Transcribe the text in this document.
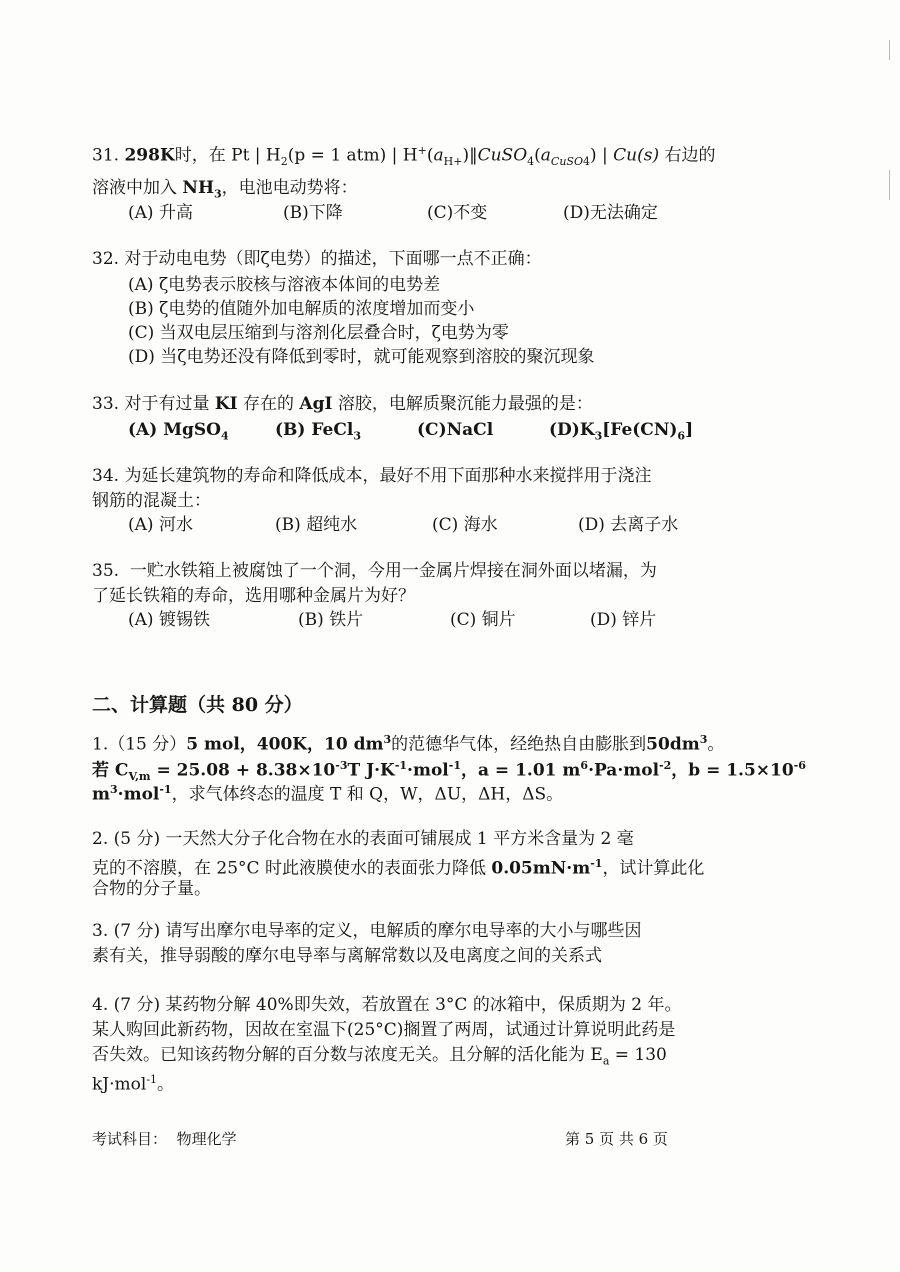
31. 298K时，在 Pt | $H_2(p = 1$ atm) | $H^+(a_{H+})‖CuSO_4(a_{CuSO4})$ | Cu(s) 右边的
溶液中加入 $NH_3$，电池电动势将：
(A) 升高	(B)下降	(C)不变	(D)无法确定
32. 对于动电电势（即ζ电势）的描述，下面哪一点不正确：
(A) ζ电势表示胶核与溶液本体间的电势差
(B) ζ电势的值随外加电解质的浓度增加而变小
(C) 当双电层压缩到与溶剂化层叠合时，ζ电势为零
(D) 当ζ电势还没有降低到零时，就可能观察到溶胶的聚沉现象
33. 对于有过量 KI 存在的 AgI 溶胶，电解质聚沉能力最强的是：
(A) MgSO$_4$	(B) FeCl$_3$	(C)NaCl	$(D)K_3[Fe(CN)_6]$
34. 为延长建筑物的寿命和降低成本，最好不用下面那种水来搅拌用于浇注
钢筋的混凝土：
(A) 河水	(B) 超纯水	(C) 海水	(D) 去离子水
35. 一贮水铁箱上被腐蚀了一个洞，今用一金属片焊接在洞外面以堵漏，为
了延长铁箱的寿命，选用哪种金属片为好？
(A) 镀锡铁	(B) 铁片	(C) 铜片	(D) 锌片
二、计算题（共 80 分）
1.（15 分）5 mol，400K，10 $dm^3$的范德华气体，经绝热自由膨胀到$50dm^3$。
若 $C_{V,m} = 25.08 + 8.38\times 10^{-3}T$ $J\cdot K^{-1}\cdot mol^{-1}$，a = 1.01 $m^6\cdot Pa\cdot mol^{-2}$，$b = 1.5\times 10^{-6}$
$m^3\cdot mol^{-1}$，求气体终态的温度 T 和 Q，W，ΔU，ΔH，ΔS。
2. (5 分) 一天然大分子化合物在水的表面可铺展成 1 平方米含量为 2 毫
克的不溶膜，在 25°C 时此液膜使水的表面张力降低 $0.05mN\cdot m^{-1}$，试计算此化
合物的分子量。
3. (7 分) 请写出摩尔电导率的定义，电解质的摩尔电导率的大小与哪些因
素有关，推导弱酸的摩尔电导率与离解常数以及电离度之间的关系式
4. (7 分) 某药物分解 40%即失效，若放置在 3°C 的冰箱中，保质期为 2 年。
某人购回此新药物，因故在室温下(25°C)搁置了两周，试通过计算说明此药是
否失效。已知该药物分解的百分数与浓度无关。且分解的活化能为 $E_a = 130$
kJ·mol$^{-1}$。
考试科目： 物理化学	第 5 页 共 6 页
